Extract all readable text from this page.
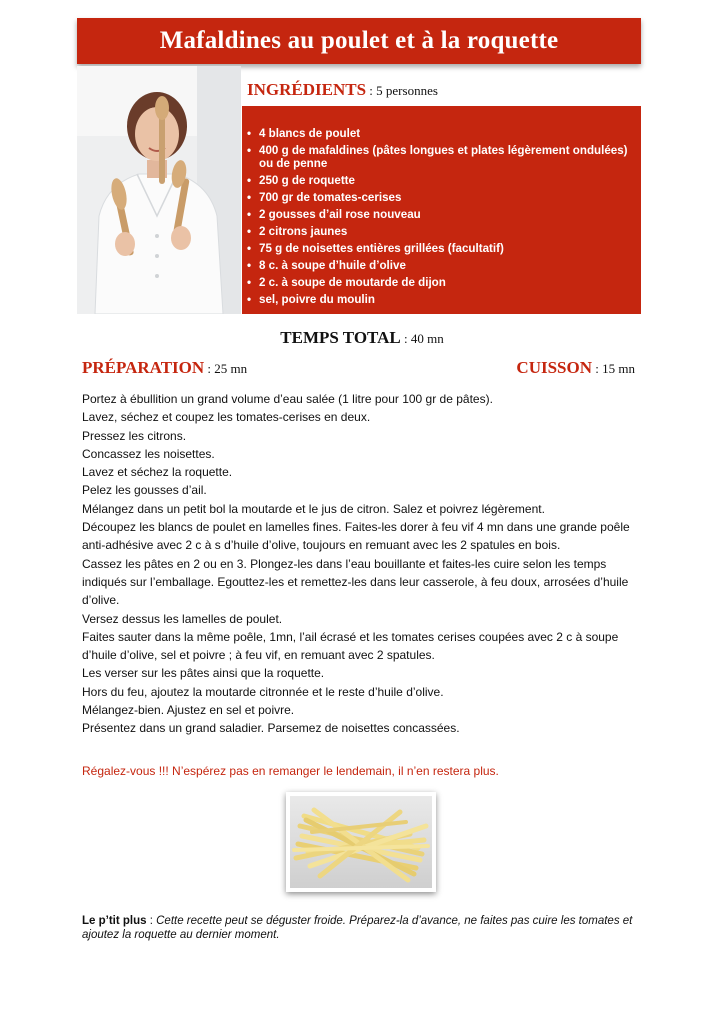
Mafaldines au poulet et à la roquette
INGRÉDIENTS : 5 personnes
• 4 blancs de poulet
• 400 g de mafaldines (pâtes longues et plates légèrement ondulées) ou de penne
• 250 g de roquette
• 700 gr de tomates-cerises
• 2 gousses d’ail rose nouveau
• 2 citrons jaunes
• 75 g de noisettes entières grillées (facultatif)
• 8 c. à soupe d’huile d’olive
• 2 c. à soupe de moutarde de dijon
• sel, poivre du moulin
TEMPS TOTAL : 40 mn
PRÉPARATION : 25 mn	CUISSON : 15 mn

Portez à ébullition un grand volume d’eau salée (1 litre pour 100 gr de pâtes).

Lavez, séchez et coupez les tomates-cerises en deux.

Pressez les citrons.

Concassez les noisettes.

Lavez et séchez la roquette.

Pelez les gousses d’ail.

Mélangez dans un petit bol la moutarde et le jus de citron. Salez et poivrez légèrement.

Découpez les blancs de poulet en lamelles fines. Faites-les dorer à feu vif 4 mn dans une grande poêle anti-adhésive avec 2 c à s d’huile d’olive, toujours en remuant avec les 2 spatules en bois.

Cassez les pâtes en 2 ou en 3. Plongez-les dans l’eau bouillante et faites-les cuire selon les temps indiqués sur l’emballage. Egouttez-les et remettez-les dans leur casserole, à feu doux, arrosées d’huile d’olive.

Versez dessus les lamelles de poulet.

Faites sauter dans la même poêle, 1mn, l’ail écrasé et les tomates cerises coupées avec 2 c à soupe d’huile d’olive, sel et poivre ; à feu vif, en remuant avec 2 spatules.

Les verser sur les pâtes ainsi que la roquette.

Hors du feu, ajoutez la moutarde citronnée et le reste d’huile d’olive.

Mélangez-bien. Ajustez en sel et poivre.

Présentez dans un grand saladier. Parsemez de noisettes concassées.

Régalez-vous !!! N’espérez pas en remanger le lendemain, il n’en restera plus.
Le p’tit plus : Cette recette peut se déguster froide. Préparez-la d’avance, ne faites pas cuire les tomates et ajoutez la roquette au dernier moment.
